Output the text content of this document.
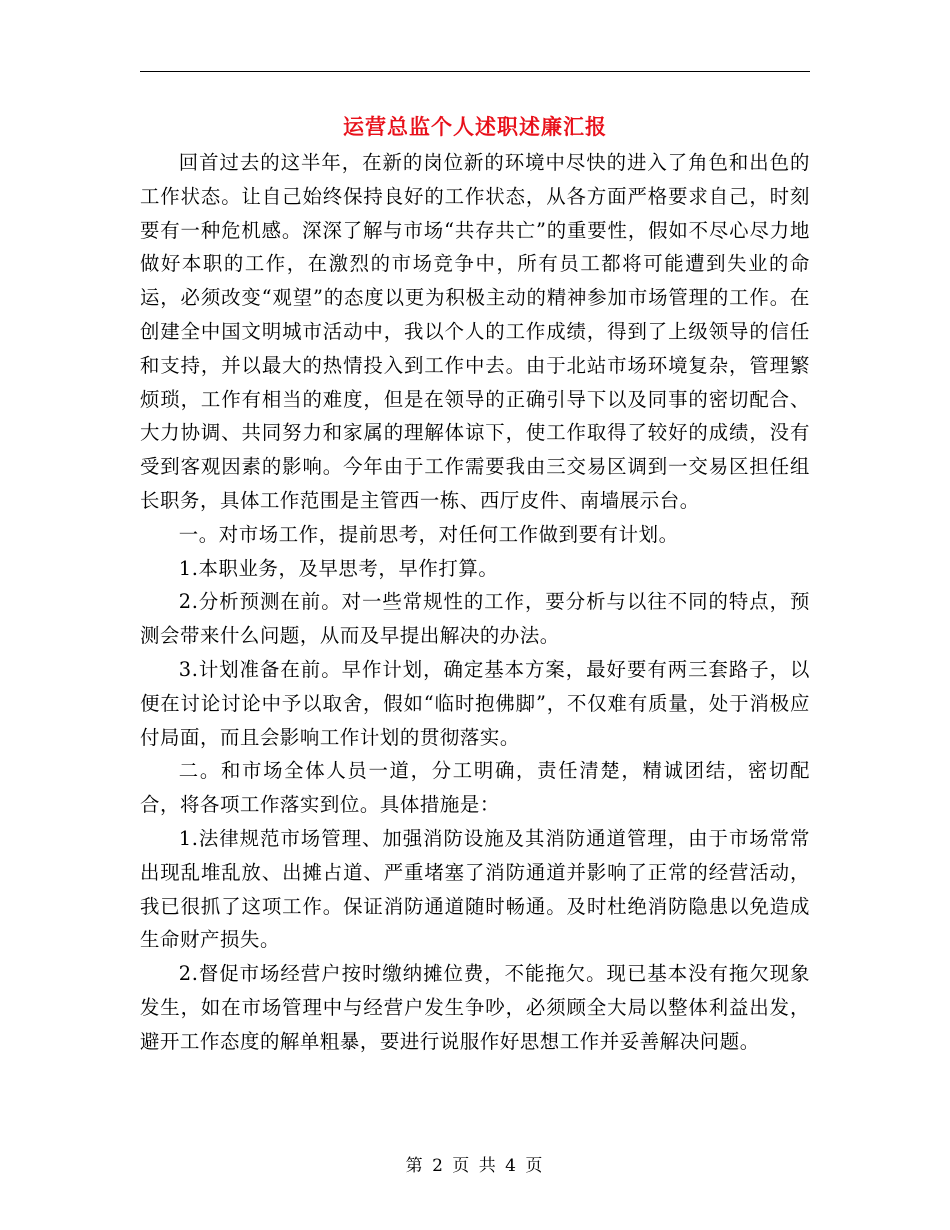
运营总监个人述职述廉汇报

回首过去的这半年，在新的岗位新的环境中尽快的进入了角色和出色的工作状态。让自己始终保持良好的工作状态，从各方面严格要求自己，时刻要有一种危机感。深深了解与市场“共存共亡”的重要性，假如不尽心尽力地做好本职的工作，在激烈的市场竞争中，所有员工都将可能遭到失业的命运，必须改变“观望”的态度以更为积极主动的精神参加市场管理的工作。在创建全中国文明城市活动中，我以个人的工作成绩，得到了上级领导的信任和支持，并以最大的热情投入到工作中去。由于北站市场环境复杂，管理繁烦琐，工作有相当的难度，但是在领导的正确引导下以及同事的密切配合、大力协调、共同努力和家属的理解体谅下，使工作取得了较好的成绩，没有受到客观因素的影响。今年由于工作需要我由三交易区调到一交易区担任组长职务，具体工作范围是主管西一栋、西厅皮件、南墙展示台。

一。对市场工作，提前思考，对任何工作做到要有计划。

1.本职业务，及早思考，早作打算。

2.分析预测在前。对一些常规性的工作，要分析与以往不同的特点，预测会带来什么问题，从而及早提出解决的办法。

3.计划准备在前。早作计划，确定基本方案，最好要有两三套路子，以便在讨论讨论中予以取舍，假如“临时抱佛脚”，不仅难有质量，处于消极应付局面，而且会影响工作计划的贯彻落实。

二。和市场全体人员一道，分工明确，责任清楚，精诚团结，密切配合，将各项工作落实到位。具体措施是：

1.法律规范市场管理、加强消防设施及其消防通道管理，由于市场常常出现乱堆乱放、出摊占道、严重堵塞了消防通道并影响了正常的经营活动，我已很抓了这项工作。保证消防通道随时畅通。及时杜绝消防隐患以免造成生命财产损失。

2.督促市场经营户按时缴纳摊位费，不能拖欠。现已基本没有拖欠现象发生，如在市场管理中与经营户发生争吵，必须顾全大局以整体利益出发，避开工作态度的解单粗暴，要进行说服作好思想工作并妥善解决问题。

第 2 页 共 4 页
